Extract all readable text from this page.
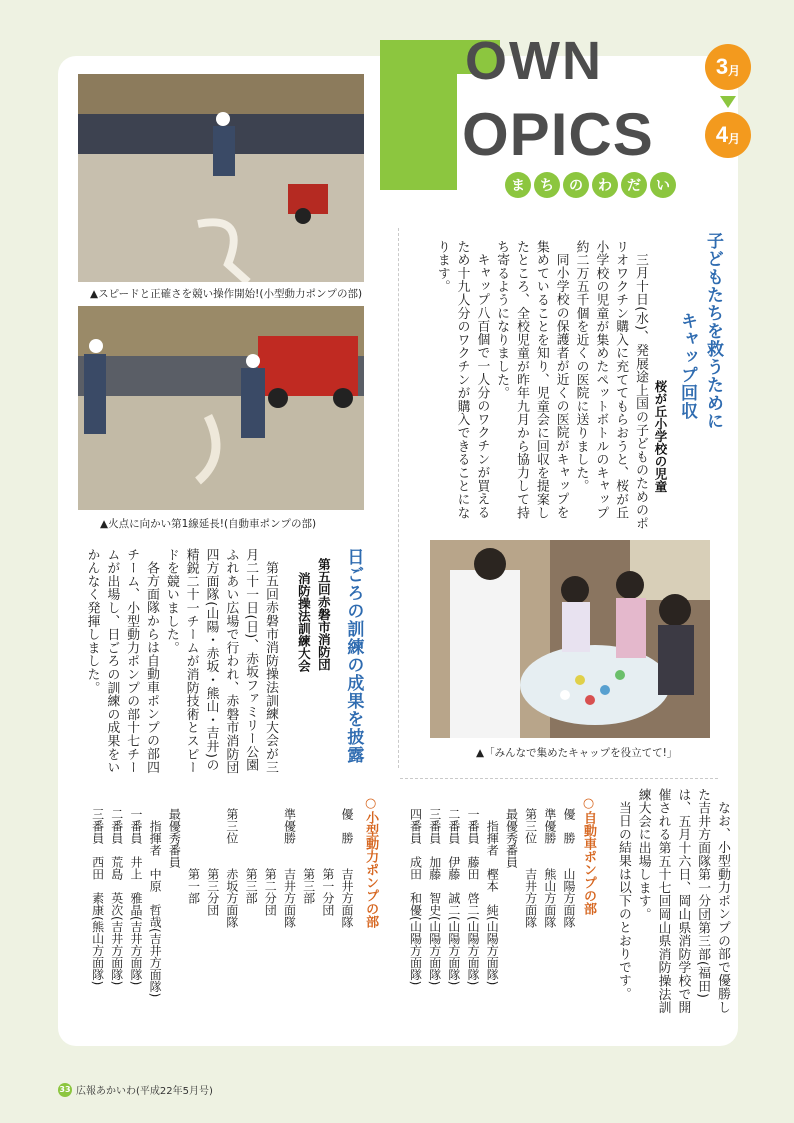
OWN
OPICS
3 月
4 月
ま	ち	の	わ	だ	い
▲スピードと正確さを競い操作開始!(小型動力ポンプの部)
▲火点に向かい第1線延長!(自動車ポンプの部)
▲「みんなで集めたキャップを役立てて!」
子どもたちを救うために
キャップ回収
桜が丘小学校の児童

三月十日(水)、発展途上国の子どものためのポリオワクチン購入に充ててもらおうと、桜が丘小学校の児童が集めたペットボトルのキャップ約二万五千個を近くの医院に送りました。

同小学校の保護者が近くの医院がキャップを集めていることを知り、児童会に回収を提案したところ、全校児童が昨年九月から協力して持ち寄るようになりました。

キャップ八百個で一人分のワクチンが買えるため十九人分のワクチンが購入できることになります。

日ごろの訓練の成果を披露
第五回赤磐市消防団
消防操法訓練大会

第五回赤磐市消防操法訓練大会が三月二十一日(日)、赤坂ファミリー公園ふれあい広場で行われ、赤磐市消防団四方面隊(山陽・赤坂・熊山・吉井)の精鋭二十一チームが消防技術とスピードを競いました。

各方面隊からは自動車ポンプの部四チーム、小型動力ポンプの部十七チームが出場し、日ごろの訓練の成果をいかんなく発揮しました。

なお、小型動力ポンプの部で優勝した吉井方面隊第一分団第三部(福田)は、五月十六日、岡山県消防学校で開催される第五十七回岡山県消防操法訓練大会に出場します。

当日の結果は以下のとおりです。

○自動車ポンプの部
優　勝　　山陽方面隊
準優勝　　熊山方面隊
第三位　　吉井方面隊
最優秀番員
　指揮者　樫本　純(山陽方面隊)
一番員　藤田　啓二(山陽方面隊)
二番員　伊藤　誠二(山陽方面隊)
三番員　加藤　智史(山陽方面隊)
四番員　成田　和優(山陽方面隊)
○小型動力ポンプの部
優　勝　　吉井方面隊
　　　　　第一分団
　　　　　第三部
準優勝　　吉井方面隊
　　　　　第二分団
　　　　　第三部
第三位　　赤坂方面隊
　　　　　第三分団
　　　　　第一部
最優秀番員
　指揮者　中原　哲哉(吉井方面隊)
一番員　井上　雅晶(吉井方面隊)
二番員　荒島　英次(吉井方面隊)
三番員　西田　素康(熊山方面隊)
33 広報あかいわ(平成22年5月号)
